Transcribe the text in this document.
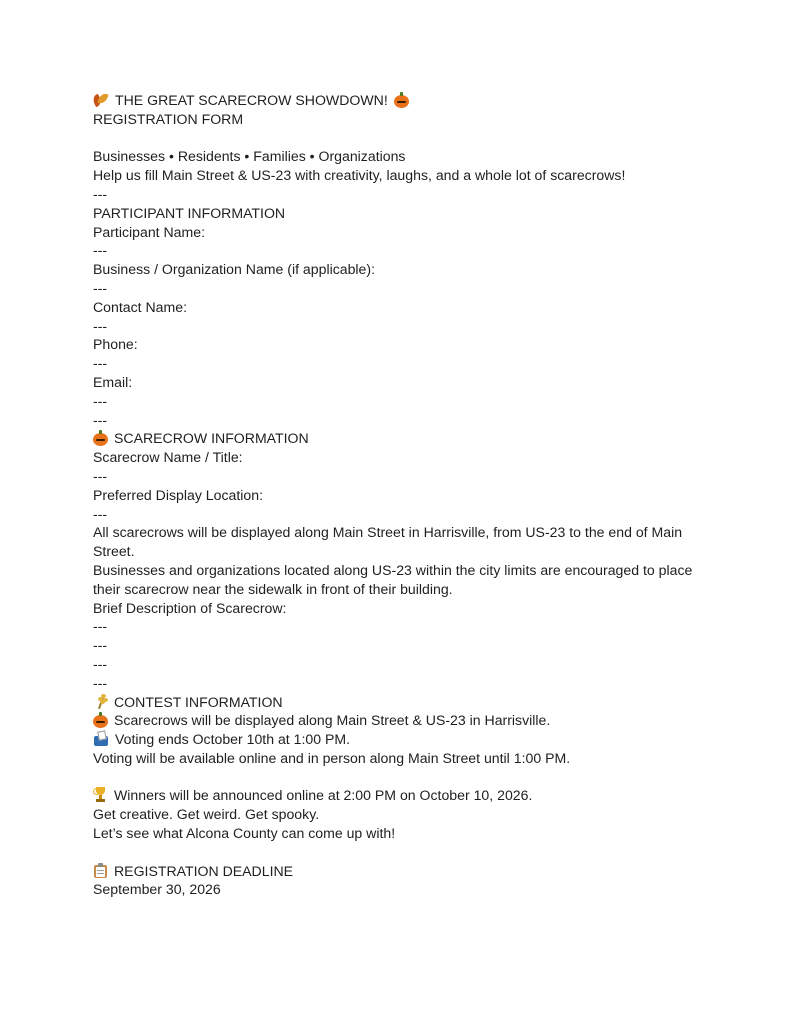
THE GREAT SCARECROW SHOWDOWN!
REGISTRATION FORM
Businesses • Residents • Families • Organizations
Help us fill Main Street & US-23 with creativity, laughs, and a whole lot of scarecrows!
---
PARTICIPANT INFORMATION
Participant Name:
---
Business / Organization Name (if applicable):
---
Contact Name:
---
Phone:
---
Email:
---
---
SCARECROW INFORMATION
Scarecrow Name / Title:
---
Preferred Display Location:
---
All scarecrows will be displayed along Main Street in Harrisville, from US-23 to the end of Main Street.
Businesses and organizations located along US-23 within the city limits are encouraged to place their scarecrow near the sidewalk in front of their building.
Brief Description of Scarecrow:
---
---
---
---
CONTEST INFORMATION
Scarecrows will be displayed along Main Street & US-23 in Harrisville.
Voting ends October 10th at 1:00 PM.
Voting will be available online and in person along Main Street until 1:00 PM.
Winners will be announced online at 2:00 PM on October 10, 2026.
Get creative. Get weird. Get spooky.
Let’s see what Alcona County can come up with!
REGISTRATION DEADLINE
September 30, 2026
